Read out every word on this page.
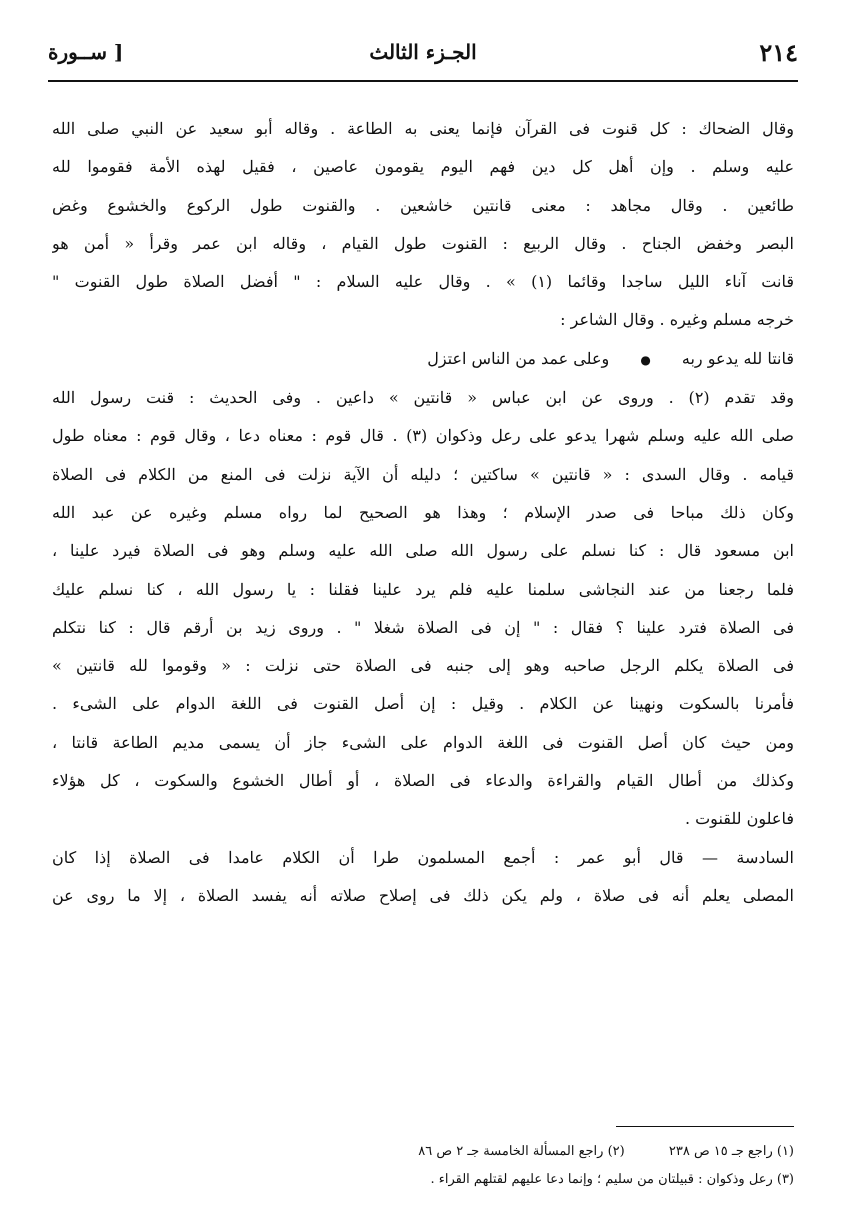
٢١٤
الجـزء الثالث
[ ســورة

وقال الضحاك : كل قنوت فى القرآن فإنما يعنى به الطاعة . وقاله أبو سعيد عن النبي صلى الله
عليه وسلم . وإن أهل كل دين فهم اليوم يقومون عاصين ، فقيل لهذه الأمة فقوموا لله
طائعين . وقال مجاهد : معنى قانتين خاشعين . والقنوت طول الركوع والخشوع وغض
البصر وخفض الجناح . وقال الربيع : القنوت طول القيام ، وقاله ابن عمر وقرأ « أمن هو
قانت آناء الليل ساجدا وقائما (١) » . وقال عليه السلام : " أفضل الصلاة طول القنوت "
خرجه مسلم وغيره . وقال الشاعر :

قانتا لله يدعو ربه ● وعلى عمد من الناس اعتزل

وقد تقدم (٢) . وروى عن ابن عباس « قانتين » داعين . وفى الحديث : قنت رسول الله
صلى الله عليه وسلم شهرا يدعو على رعل وذكوان (٣) . قال قوم : معناه دعا ، وقال قوم : معناه طول
قيامه . وقال السدى : « قانتين » ساكتين ؛ دليله أن الآية نزلت فى المنع من الكلام فى الصلاة
وكان ذلك مباحا فى صدر الإسلام ؛ وهذا هو الصحيح لما رواه مسلم وغيره عن عبد الله
ابن مسعود قال : كنا نسلم على رسول الله صلى الله عليه وسلم وهو فى الصلاة فيرد علينا ،
فلما رجعنا من عند النجاشى سلمنا عليه فلم يرد علينا فقلنا : يا رسول الله ، كنا نسلم عليك
فى الصلاة فترد علينا ؟ فقال : " إن فى الصلاة شغلا " . وروى زيد بن أرقم قال : كنا نتكلم
فى الصلاة يكلم الرجل صاحبه وهو إلى جنبه فى الصلاة حتى نزلت : « وقوموا لله قانتين »
فأمرنا بالسكوت ونهينا عن الكلام . وقيل : إن أصل القنوت فى اللغة الدوام على الشىء .
ومن حيث كان أصل القنوت فى اللغة الدوام على الشىء جاز أن يسمى مديم الطاعة قانتا ،
وكذلك من أطال القيام والقراءة والدعاء فى الصلاة ، أو أطال الخشوع والسكوت ، كل هؤلاء
فاعلون للقنوت .

السادسة — قال أبو عمر : أجمع المسلمون طرا أن الكلام عامدا فى الصلاة إذا كان
المصلى يعلم أنه فى صلاة ، ولم يكن ذلك فى إصلاح صلاته أنه يفسد الصلاة ، إلا ما روى عن

(١) راجع جـ ١٥ ص ٢٣٨ (٢) راجع المسألة الخامسة جـ ٢ ص ٨٦
(٣) رعل وذكوان : قبيلتان من سليم ؛ وإنما دعا عليهم لقتلهم القراء .
